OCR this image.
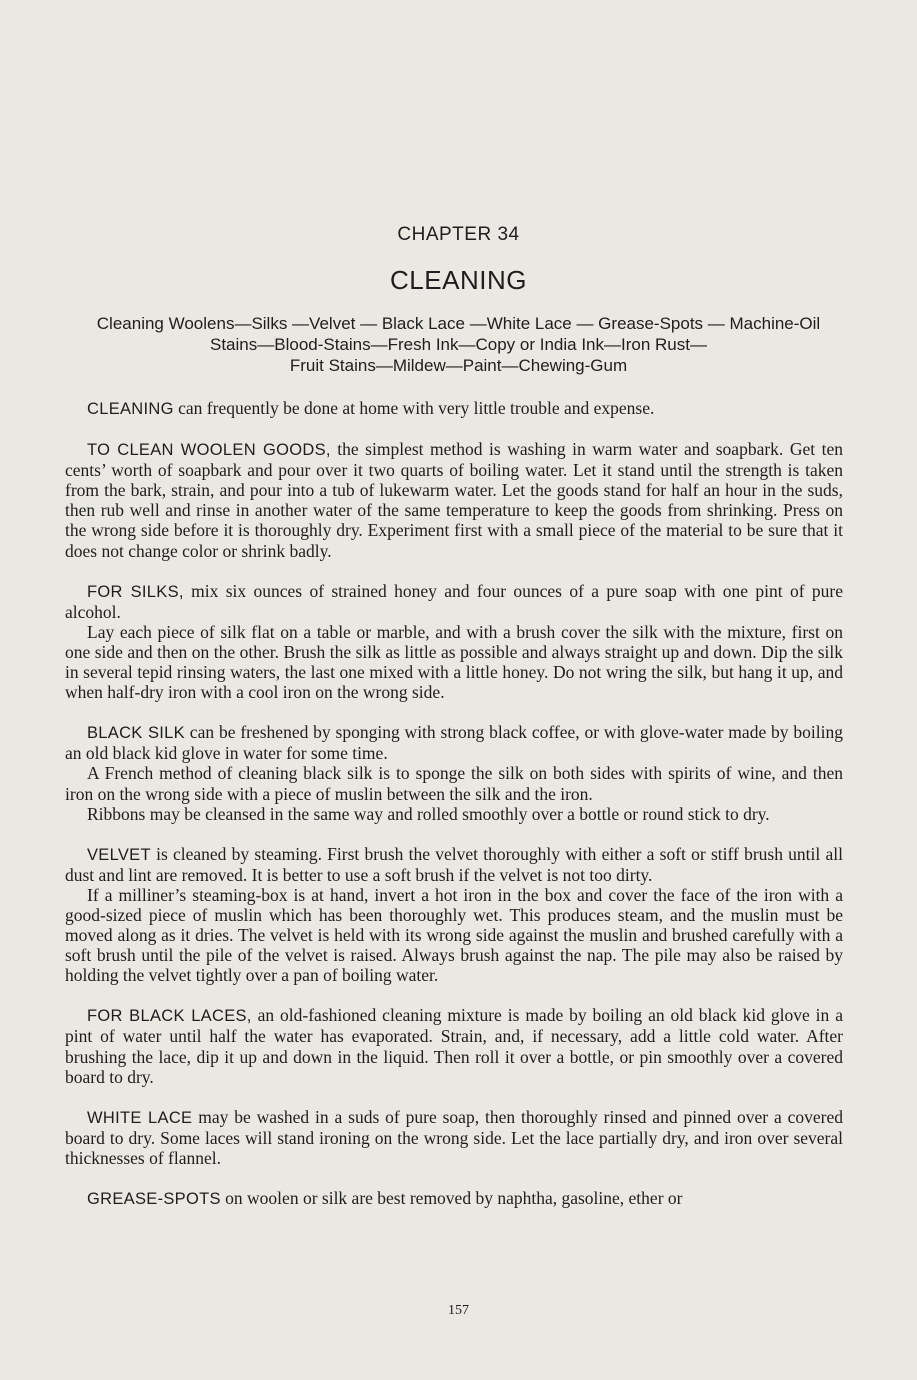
CHAPTER 34
CLEANING
Cleaning Woolens—Silks —Velvet — Black Lace —White Lace — Grease-Spots — Machine-Oil
Stains—Blood-Stains—Fresh Ink—Copy or India Ink—Iron Rust—
Fruit Stains—Mildew—Paint—Chewing-Gum

CLEANING can frequently be done at home with very little trouble and expense.

TO CLEAN WOOLEN GOODS, the simplest method is washing in warm water and soapbark. Get ten cents’ worth of soapbark and pour over it two quarts of boiling water. Let it stand until the strength is taken from the bark, strain, and pour into a tub of lukewarm water. Let the goods stand for half an hour in the suds, then rub well and rinse in another water of the same temperature to keep the goods from shrinking. Press on the wrong side before it is thoroughly dry. Experiment first with a small piece of the material to be sure that it does not change color or shrink badly.

FOR SILKS, mix six ounces of strained honey and four ounces of a pure soap with one pint of pure alcohol.

Lay each piece of silk flat on a table or marble, and with a brush cover the silk with the mixture, first on one side and then on the other. Brush the silk as little as possible and always straight up and down. Dip the silk in several tepid rinsing waters, the last one mixed with a little honey. Do not wring the silk, but hang it up, and when half-dry iron with a cool iron on the wrong side.

BLACK SILK can be freshened by sponging with strong black coffee, or with glove-water made by boiling an old black kid glove in water for some time.

A French method of cleaning black silk is to sponge the silk on both sides with spirits of wine, and then iron on the wrong side with a piece of muslin between the silk and the iron.

Ribbons may be cleansed in the same way and rolled smoothly over a bottle or round stick to dry.

VELVET is cleaned by steaming. First brush the velvet thoroughly with either a soft or stiff brush until all dust and lint are removed. It is better to use a soft brush if the velvet is not too dirty.

If a milliner’s steaming-box is at hand, invert a hot iron in the box and cover the face of the iron with a good-sized piece of muslin which has been thoroughly wet. This produces steam, and the muslin must be moved along as it dries. The velvet is held with its wrong side against the muslin and brushed carefully with a soft brush until the pile of the velvet is raised. Always brush against the nap. The pile may also be raised by holding the velvet tightly over a pan of boiling water.

FOR BLACK LACES, an old-fashioned cleaning mixture is made by boiling an old black kid glove in a pint of water until half the water has evaporated. Strain, and, if necessary, add a little cold water. After brushing the lace, dip it up and down in the liquid. Then roll it over a bottle, or pin smoothly over a covered board to dry.

WHITE LACE may be washed in a suds of pure soap, then thoroughly rinsed and pinned over a covered board to dry. Some laces will stand ironing on the wrong side. Let the lace partially dry, and iron over several thicknesses of flannel.

GREASE-SPOTS on woolen or silk are best removed by naphtha, gasoline, ether or

157
